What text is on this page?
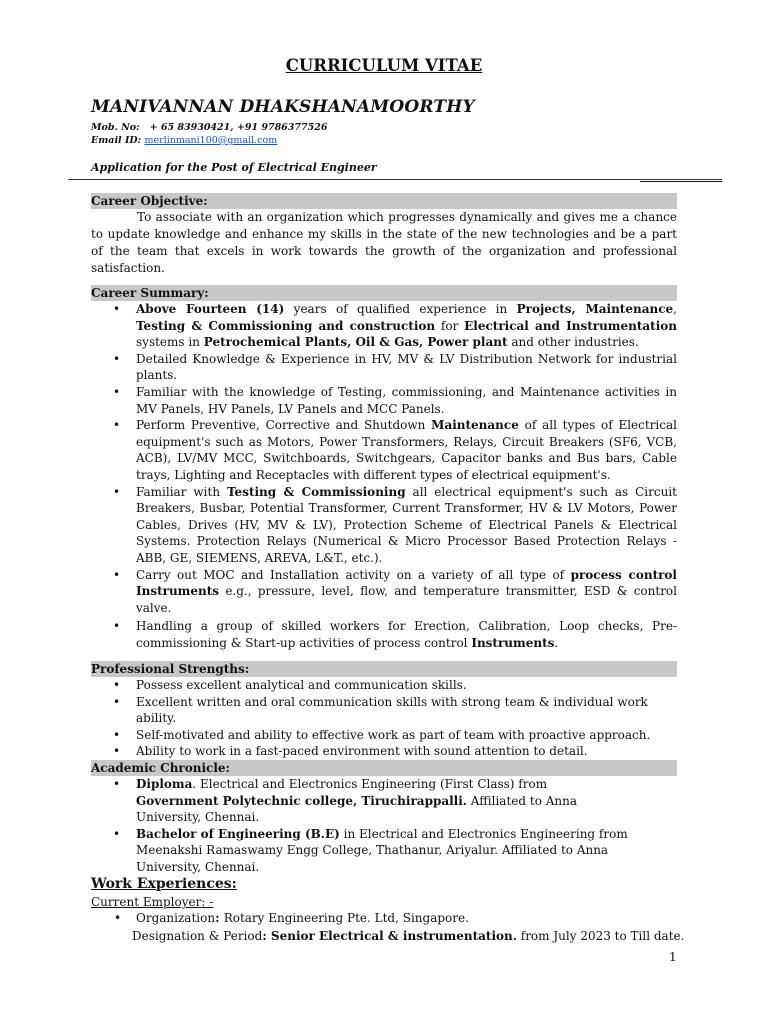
CURRICULUM VITAE
MANIVANNAN DHAKSHANAMOORTHY
Mob. No: + 65 83930421, +91 9786377526
Email ID: merlinmani100@gmail.com
Application for the Post of Electrical Engineer
Career Objective:

To associate with an organization which progresses dynamically and gives me a chance to update knowledge and enhance my skills in the state of the new technologies and be a part of the team that excels in work towards the growth of the organization and professional satisfaction.

Career Summary:
• Above Fourteen (14) years of qualified experience in Projects, Maintenance, Testing & Commissioning and construction for Electrical and Instrumentation systems in Petrochemical Plants, Oil & Gas, Power plant and other industries.
• Detailed Knowledge & Experience in HV, MV & LV Distribution Network for industrial plants.
• Familiar with the knowledge of Testing, commissioning, and Maintenance activities in MV Panels, HV Panels, LV Panels and MCC Panels.
• Perform Preventive, Corrective and Shutdown Maintenance of all types of Electrical equipment's such as Motors, Power Transformers, Relays, Circuit Breakers (SF6, VCB, ACB), LV/MV MCC, Switchboards, Switchgears, Capacitor banks and Bus bars, Cable trays, Lighting and Receptacles with different types of electrical equipment's.
• Familiar with Testing & Commissioning all electrical equipment's such as Circuit Breakers, Busbar, Potential Transformer, Current Transformer, HV & LV Motors, Power Cables, Drives (HV, MV & LV), Protection Scheme of Electrical Panels & Electrical Systems. Protection Relays (Numerical & Micro Processor Based Protection Relays - ABB, GE, SIEMENS, AREVA, L&T., etc.).
• Carry out MOC and Installation activity on a variety of all type of process control Instruments e.g., pressure, level, flow, and temperature transmitter, ESD & control valve.
• Handling a group of skilled workers for Erection, Calibration, Loop checks, Pre-commissioning & Start-up activities of process control Instruments.
Professional Strengths:
• Possess excellent analytical and communication skills.
• Excellent written and oral communication skills with strong team & individual work ability.
• Self-motivated and ability to effective work as part of team with proactive approach.
• Ability to work in a fast-paced environment with sound attention to detail.
Academic Chronicle:
• Diploma. Electrical and Electronics Engineering (First Class) from Government Polytechnic college, Tiruchirappalli. Affiliated to Anna University, Chennai.
• Bachelor of Engineering (B.E) in Electrical and Electronics Engineering from Meenakshi Ramaswamy Engg College, Thathanur, Ariyalur. Affiliated to Anna University, Chennai.
Work Experiences:
Current Employer: -
• Organization: Rotary Engineering Pte. Ltd, Singapore.
Designation & Period: Senior Electrical & instrumentation. from July 2023 to Till date.
1
